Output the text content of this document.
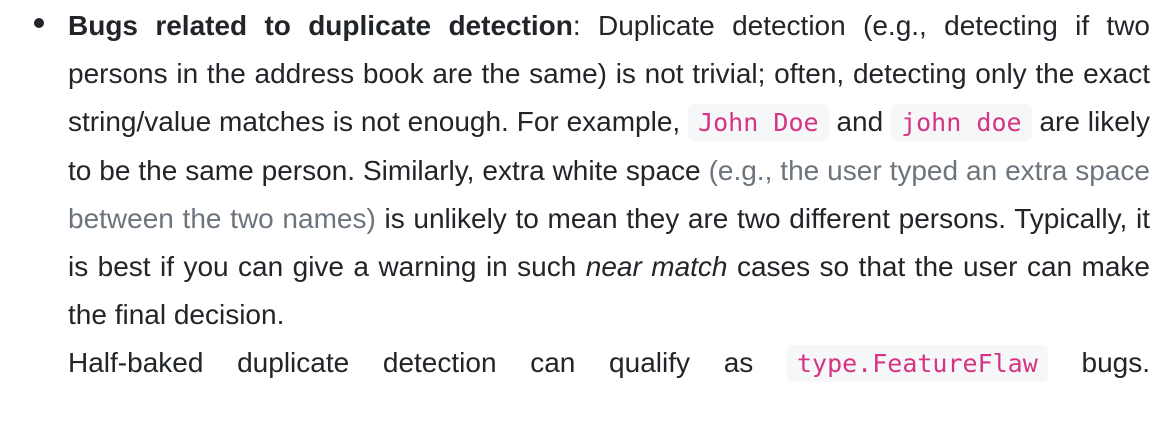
Bugs related to duplicate detection: Duplicate detection (e.g., detecting if two persons in the address book are the same) is not trivial; often, detecting only the exact string/value matches is not enough. For example, John Doe and john doe are likely to be the same person. Similarly, extra white space (e.g., the user typed an extra space between the two names) is unlikely to mean they are two different persons. Typically, it is best if you can give a warning in such near match cases so that the user can make the final decision.

Half-baked duplicate detection can qualify as type.FeatureFlaw bugs.
